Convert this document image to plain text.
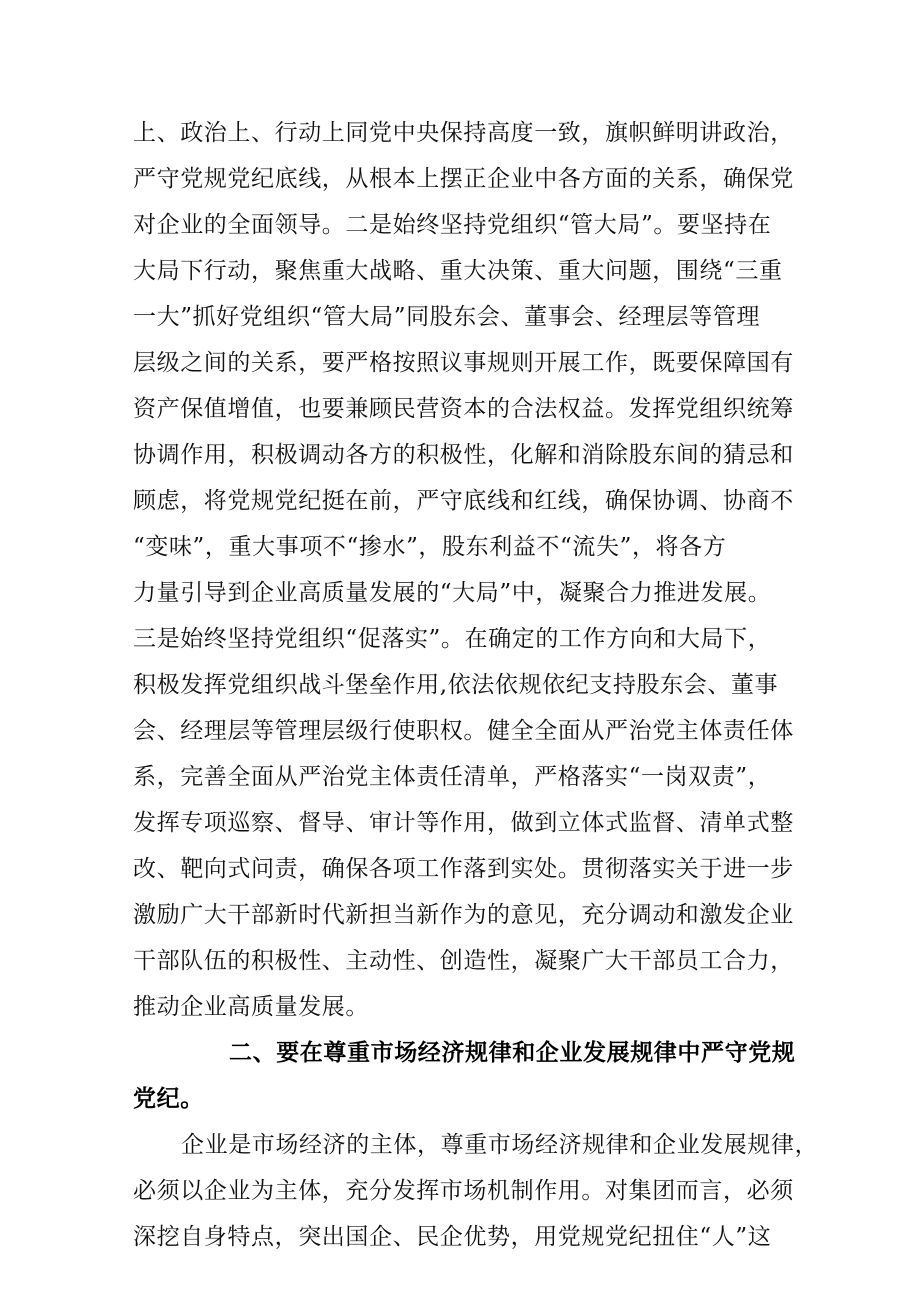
上、政治上、行动上同党中央保持高度一致，旗帜鲜明讲政治，
严守党规党纪底线，从根本上摆正企业中各方面的关系，确保党
对企业的全面领导。二是始终坚持党组织“管大局”。要坚持在
大局下行动，聚焦重大战略、重大决策、重大问题，围绕“三重
一大”抓好党组织“管大局”同股东会、董事会、经理层等管理
层级之间的关系，要严格按照议事规则开展工作，既要保障国有
资产保值增值，也要兼顾民营资本的合法权益。发挥党组织统筹
协调作用，积极调动各方的积极性，化解和消除股东间的猜忌和
顾虑，将党规党纪挺在前，严守底线和红线，确保协调、协商不
“变味”，重大事项不“掺水”，股东利益不“流失”，将各方
力量引导到企业高质量发展的“大局”中，凝聚合力推进发展。
三是始终坚持党组织“促落实”。在确定的工作方向和大局下，
积极发挥党组织战斗堡垒作用,依法依规依纪支持股东会、董事
会、经理层等管理层级行使职权。健全全面从严治党主体责任体
系，完善全面从严治党主体责任清单，严格落实“一岗双责”，
发挥专项巡察、督导、审计等作用，做到立体式监督、清单式整
改、靶向式问责，确保各项工作落到实处。贯彻落实关于进一步
激励广大干部新时代新担当新作为的意见，充分调动和激发企业
干部队伍的积极性、主动性、创造性，凝聚广大干部员工合力，
推动企业高质量发展。
二、要在尊重市场经济规律和企业发展规律中严守党规
党纪。
企业是市场经济的主体，尊重市场经济规律和企业发展规律，
必须以企业为主体，充分发挥市场机制作用。对集团而言，必须
深挖自身特点，突出国企、民企优势，用党规党纪扭住“人”这
